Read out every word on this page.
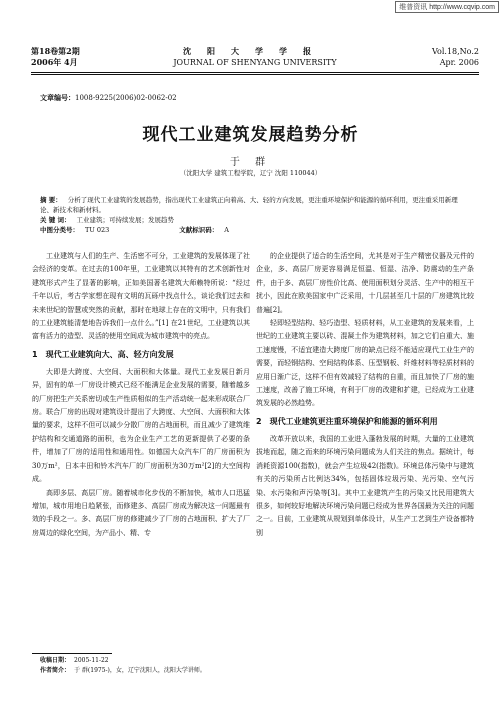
维普资讯 http://www.cqvip.com
第18卷第2期
2006年 4月
沈阳大学学报
JOURNAL OF SHENYANG UNIVERSITY
Vol.18,No.2
Apr. 2006
文章编号：1008-9225(2006)02-0062-02
现代工业建筑发展趋势分析
于 群
（沈阳大学 建筑工程学院，辽宁 沈阳 110044）
摘 要： 分析了现代工业建筑的发展趋势，指出现代工业建筑正向着高、大、轻的方向发展，更注重环境保护和能源的循环利用，更注重采用新理论、新技术和新材料。
关 键 词： 工业建筑；可持续发展；发展趋势
中图分类号： TU 023	文献标识码： A

工业建筑与人们的生产、生活密不可分，工业建筑的发展体现了社会经济的变革。在过去的100年里，工业建筑以其特有的艺术创新性对建筑形式产生了显著的影响，正如美国著名建筑大师赖特所说：“经过千年以后，考古学家想在现有文明的瓦砾中找点什么，谈论我们过去和未来世纪的智慧或突然的贡献，那时在地球上存在的文明中，只有我们的工业建筑能清楚地告诉我们一点什么。”[1] 在21世纪，工业建筑以其富有活力的造型、灵活的使用空间成为城市建筑中的亮点。

1 现代工业建筑向大、高、轻方向发展

大即是大跨度、大空间、大面积和大体量。现代工业发展日新月异，固有的单一厂房设计模式已经不能满足企业发展的需要，随着越多的厂房把生产关系密切或生产性质相似的生产活动统一起来形成联合厂房。联合厂房的出现对建筑设计提出了大跨度、大空间、大面积和大体量的要求，这样不但可以减少分散厂房的占地面积，而且减少了建筑维护结构和交通道路的面积，也为企业生产工艺的更新提供了必要的条件，增加了厂房的适用性和通用性。如德国大众汽车厂的厂房面积为30万m²，日本丰田和铃木汽车厂的厂房面积为30万m²[2]的大空间构成。

高即多层、高层厂房。随着城市化步伐的不断加快，城市人口迅猛增加，城市用地日趋紧张，而修建多、高层厂房成为解决这一问题最有效的手段之一。多、高层厂房的修建减少了厂房的占地面积、扩大了厂房周边的绿化空间，为产品小、精、专

的企业提供了适合的生活空间，尤其是对于生产精密仪器及元件的企业，多、高层厂房更容易满足恒温、恒湿、洁净、防震动的生产条件，由于多、高层厂房性价比高、使用面积划分灵活、生产中的相互干扰小，因此在欧美国家中广泛采用，十几层甚至几十层的厂房建筑比较普遍[2]。

轻即轻型结构、轻巧造型、轻质材料，从工业建筑的发展来看，上世纪的工业建筑主要以砖、混凝土作为建筑材料，加之它们自重大、施工速度慢，不适宜建造大跨度厂房的缺点已经不能适应现代工业生产的需要，而轻钢结构、空间结构体系、压型钢板、纤维材料等轻质材料的应用日渐广泛，这样不但有效减轻了结构的自重，而且加快了厂房的施工速度，改善了施工环境，有利于厂房的改建和扩建，已经成为工业建筑发展的必然趋势。

2 现代工业建筑更注重环境保护和能源的循环利用

改革开放以来，我国的工业进入蓬勃发展的时期，大量的工业建筑拔地而起，随之而来的环境污染问题成为人们关注的焦点。据统计，每消耗资源100(指数)，就会产生垃圾42(指数)。环境总体污染中与建筑有关的污染所占比例达34%，包括固体垃圾污染、光污染、空气污染、水污染和声污染等[3]。其中工业建筑产生的污染又比民用建筑大很多，如何较好地解决环境污染问题已经成为世界各国最为关注的问题之一。目前，工业建筑从规划到单体设计，从生产工艺到生产设备都特别

收稿日期： 2005-11-22
作者简介： 于 群(1975-)，女，辽宁沈阳人，沈阳大学讲师。
